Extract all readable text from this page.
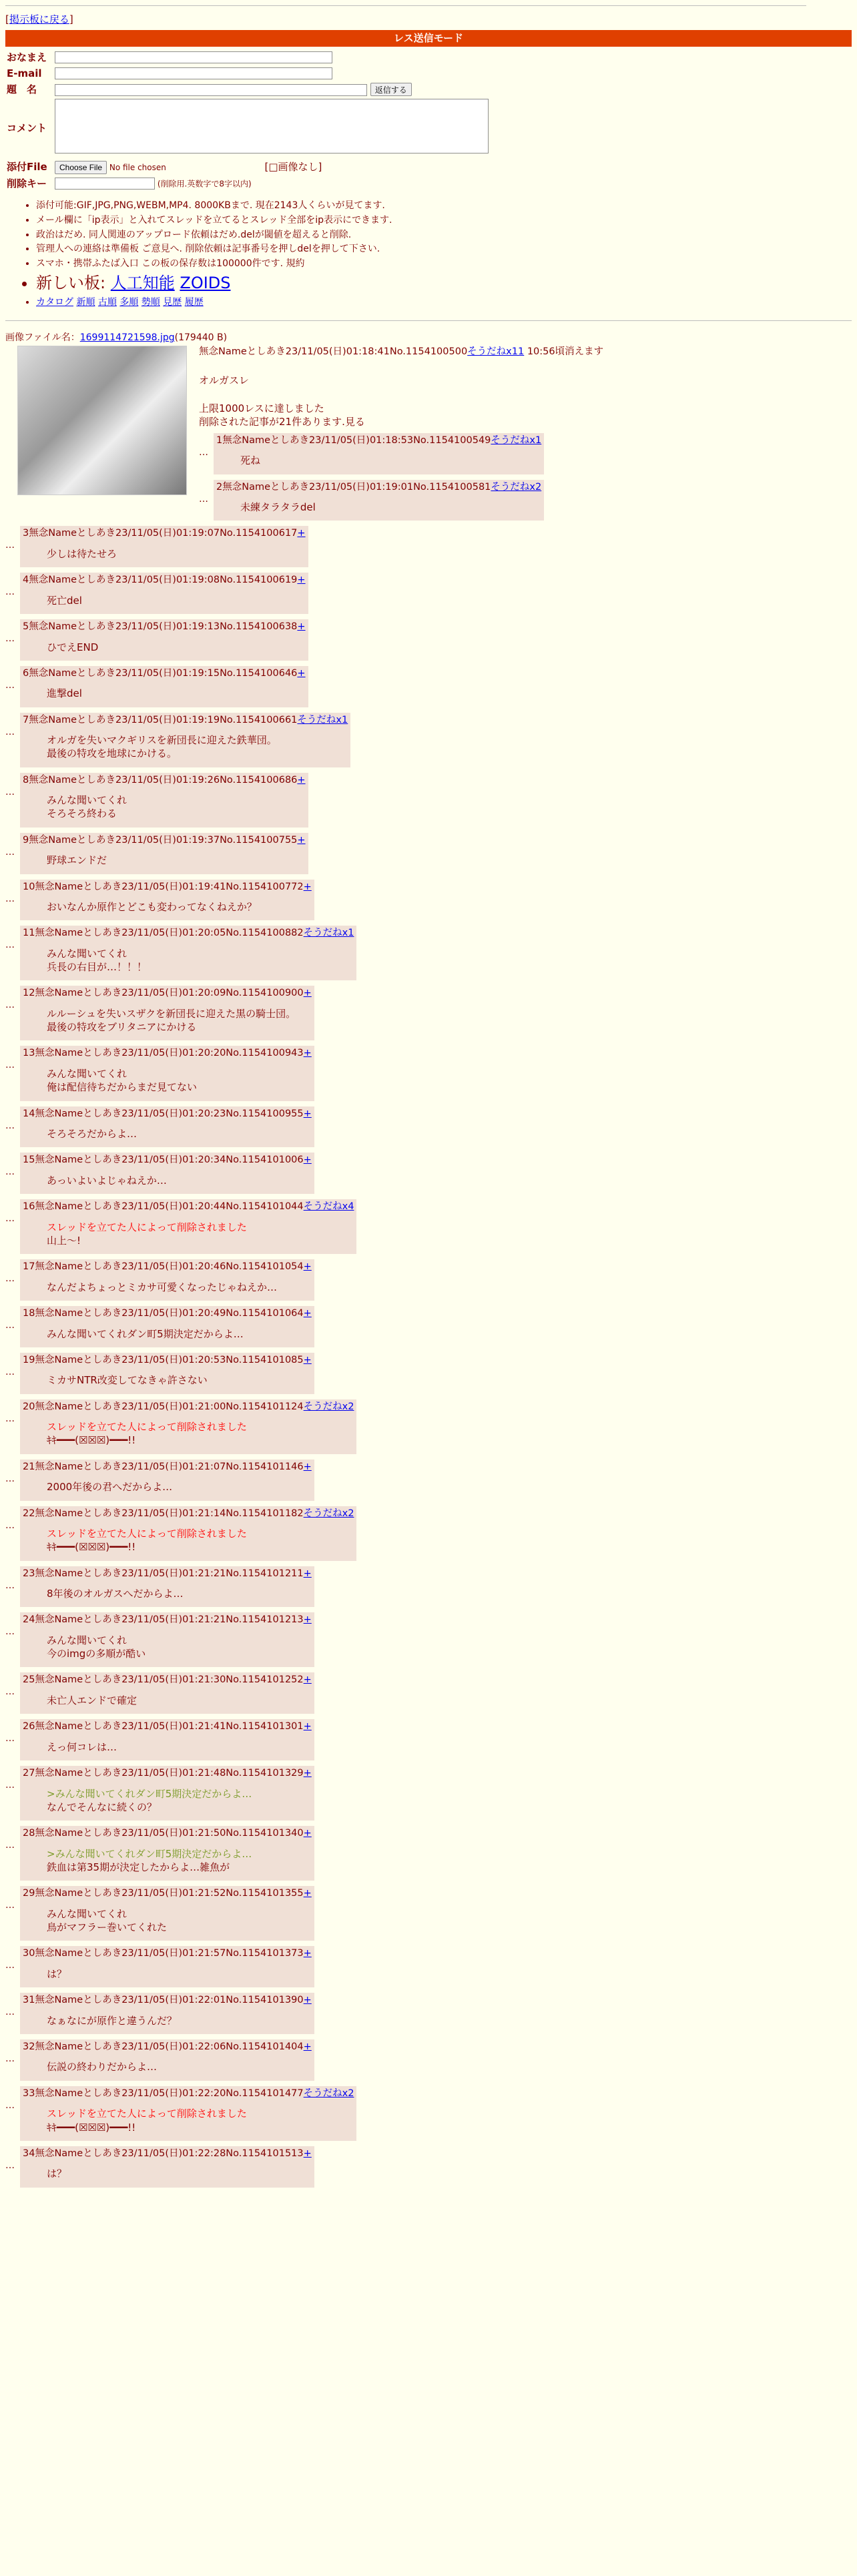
[掲示板に戻る]
レス送信モード
おなまえ	
E-mail	
題　名	返信する
コメント	
添付File	Choose File No file chosen [□画像なし]
削除キー	(削除用.英数字で8字以内)
• 添付可能:GIF,JPG,PNG,WEBM,MP4. 8000KBまで. 現在2143人くらいが見てます.
• メール欄に「ip表示」と入れてスレッドを立てるとスレッド全部をip表示にできます.
• 政治はだめ. 同人関連のアップロード依頼はだめ.delが閾値を超えると削除.
• 管理人への連絡は準備板 ご意見へ. 削除依頼は記事番号を押しdelを押して下さい.
• スマホ・携帯ふたば入口 この板の保存数は100000件です. 規約
• 新しい板: 人工知能 ZOIDS
• カタログ 新順 古順 多順 勢順 見歴 履歴
画像ファイル名：1699114721598.jpg(179440 B)
無念Nameとしあき23/11/05(日)01:18:41No.1154100500そうだねx11 10:56頃消えます
オルガスレ
上限1000レスに達しました
削除された記事が21件あります.見る
…
1無念Nameとしあき23/11/05(日)01:18:53No.1154100549そうだねx1
死ね
…
2無念Nameとしあき23/11/05(日)01:19:01No.1154100581そうだねx2
未練タラタラdel
…
3無念Nameとしあき23/11/05(日)01:19:07No.1154100617+
少しは待たせろ
…
4無念Nameとしあき23/11/05(日)01:19:08No.1154100619+
死亡del
…
5無念Nameとしあき23/11/05(日)01:19:13No.1154100638+
ひでえEND
…
6無念Nameとしあき23/11/05(日)01:19:15No.1154100646+
進撃del
…
7無念Nameとしあき23/11/05(日)01:19:19No.1154100661そうだねx1
オルガを失いマクギリスを新団長に迎えた鉄華団。
最後の特攻を地球にかける。
…
8無念Nameとしあき23/11/05(日)01:19:26No.1154100686+
みんな聞いてくれ
そろそろ終わる
…
9無念Nameとしあき23/11/05(日)01:19:37No.1154100755+
野球エンドだ
…
10無念Nameとしあき23/11/05(日)01:19:41No.1154100772+
おいなんか原作とどこも変わってなくねえか？
…
11無念Nameとしあき23/11/05(日)01:20:05No.1154100882そうだねx1
みんな聞いてくれ
兵長の右目が…！！！
…
12無念Nameとしあき23/11/05(日)01:20:09No.1154100900+
ルルーシュを失いスザクを新団長に迎えた黒の騎士団。
最後の特攻をブリタニアにかける
…
13無念Nameとしあき23/11/05(日)01:20:20No.1154100943+
みんな聞いてくれ
俺は配信待ちだからまだ見てない
…
14無念Nameとしあき23/11/05(日)01:20:23No.1154100955+
そろそろだからよ…
…
15無念Nameとしあき23/11/05(日)01:20:34No.1154101006+
あっいよいよじゃねえか…
…
16無念Nameとしあき23/11/05(日)01:20:44No.1154101044そうだねx4
スレッドを立てた人によって削除されました
山上〜!
…
17無念Nameとしあき23/11/05(日)01:20:46No.1154101054+
なんだよちょっとミカサ可愛くなったじゃねえか…
…
18無念Nameとしあき23/11/05(日)01:20:49No.1154101064+
みんな聞いてくれダン町5期決定だからよ…
…
19無念Nameとしあき23/11/05(日)01:20:53No.1154101085+
ミカサNTR改変してなきゃ許さない
…
20無念Nameとしあき23/11/05(日)01:21:00No.1154101124そうだねx2
スレッドを立てた人によって削除されました
ｷｷ━━━(☒☒☒)━━━!!
…
21無念Nameとしあき23/11/05(日)01:21:07No.1154101146+
2000年後の君へだからよ…
…
22無念Nameとしあき23/11/05(日)01:21:14No.1154101182そうだねx2
スレッドを立てた人によって削除されました
ｷｷ━━━(☒☒☒)━━━!!
…
23無念Nameとしあき23/11/05(日)01:21:21No.1154101211+
8年後のオルガスへだからよ…
…
24無念Nameとしあき23/11/05(日)01:21:21No.1154101213+
みんな聞いてくれ
今のimgの多順が酷い
…
25無念Nameとしあき23/11/05(日)01:21:30No.1154101252+
未亡人エンドで確定
…
26無念Nameとしあき23/11/05(日)01:21:41No.1154101301+
えっ何コレは…
…
27無念Nameとしあき23/11/05(日)01:21:48No.1154101329+
>みんな聞いてくれダン町5期決定だからよ…
なんでそんなに続くの？
…
28無念Nameとしあき23/11/05(日)01:21:50No.1154101340+
>みんな聞いてくれダン町5期決定だからよ…
鉄血は第35期が決定したからよ…雑魚が
…
29無念Nameとしあき23/11/05(日)01:21:52No.1154101355+
みんな聞いてくれ
鳥がマフラー巻いてくれた
…
30無念Nameとしあき23/11/05(日)01:21:57No.1154101373+
は？
…
31無念Nameとしあき23/11/05(日)01:22:01No.1154101390+
なぁなにが原作と違うんだ？
…
32無念Nameとしあき23/11/05(日)01:22:06No.1154101404+
伝説の終わりだからよ…
…
33無念Nameとしあき23/11/05(日)01:22:20No.1154101477そうだねx2
スレッドを立てた人によって削除されました
ｷｷ━━━(☒☒☒)━━━!!
…
34無念Nameとしあき23/11/05(日)01:22:28No.1154101513+
は？
